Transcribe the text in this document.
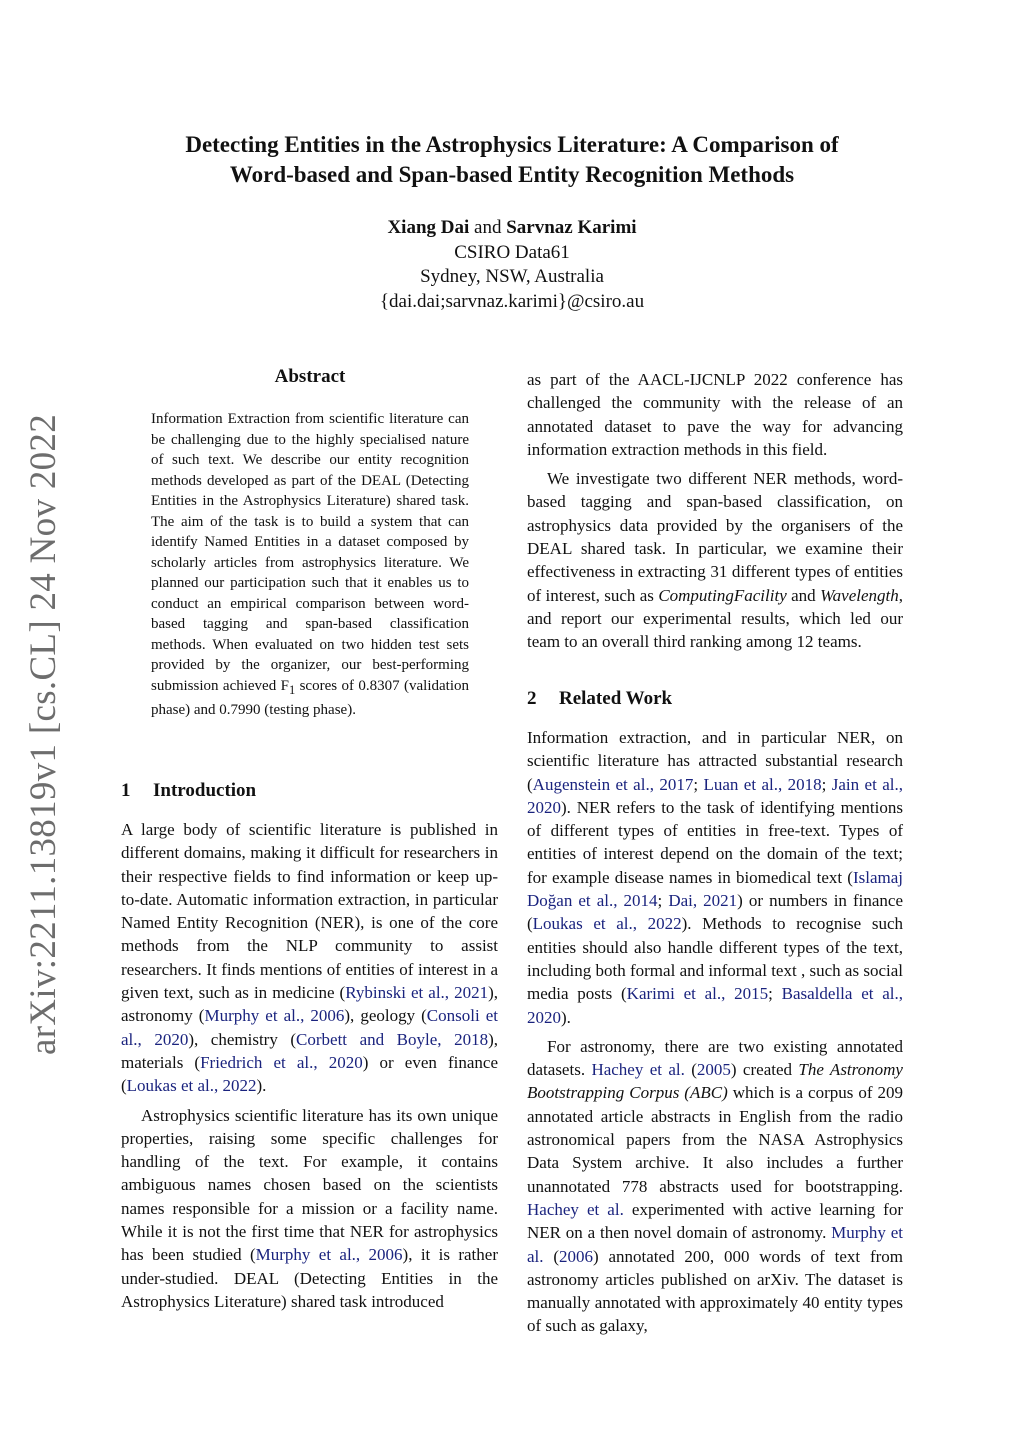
Detecting Entities in the Astrophysics Literature: A Comparison of
Word-based and Span-based Entity Recognition Methods
Xiang Dai and Sarvnaz Karimi
CSIRO Data61
Sydney, NSW, Australia
{dai.dai;sarvnaz.karimi}@csiro.au
arXiv:2211.13819v1 [cs.CL] 24 Nov 2022
Abstract
Information Extraction from scientific literature can be challenging due to the highly specialised nature of such text. We describe our entity recognition methods developed as part of the DEAL (Detecting Entities in the Astrophysics Literature) shared task. The aim of the task is to build a system that can identify Named Entities in a dataset composed by scholarly articles from astrophysics literature. We planned our participation such that it enables us to conduct an empirical comparison between word-based tagging and span-based classification methods. When evaluated on two hidden test sets provided by the organizer, our best-performing submission achieved $F_1$ scores of 0.8307 (validation phase) and 0.7990 (testing phase).
1 Introduction

A large body of scientific literature is published in different domains, making it difficult for researchers in their respective fields to find information or keep up-to-date. Automatic information extraction, in particular Named Entity Recognition (NER), is one of the core methods from the NLP community to assist researchers. It finds mentions of entities of interest in a given text, such as in medicine (Rybinski et al., 2021), astronomy (Murphy et al., 2006), geology (Consoli et al., 2020), chemistry (Corbett and Boyle, 2018), materials (Friedrich et al., 2020) or even finance (Loukas et al., 2022).

Astrophysics scientific literature has its own unique properties, raising some specific challenges for handling of the text. For example, it contains ambiguous names chosen based on the scientists names responsible for a mission or a facility name. While it is not the first time that NER for astrophysics has been studied (Murphy et al., 2006), it is rather under-studied. DEAL (Detecting Entities in the Astrophysics Literature) shared task introduced

as part of the AACL-IJCNLP 2022 conference has challenged the community with the release of an annotated dataset to pave the way for advancing information extraction methods in this field.

We investigate two different NER methods, word-based tagging and span-based classification, on astrophysics data provided by the organisers of the DEAL shared task. In particular, we examine their effectiveness in extracting 31 different types of entities of interest, such as ComputingFacility and Wavelength, and report our experimental results, which led our team to an overall third ranking among 12 teams.

2 Related Work

Information extraction, and in particular NER, on scientific literature has attracted substantial research (Augenstein et al., 2017; Luan et al., 2018; Jain et al., 2020). NER refers to the task of identifying mentions of different types of entities in free-text. Types of entities of interest depend on the domain of the text; for example disease names in biomedical text (Islamaj Doğan et al., 2014; Dai, 2021) or numbers in finance (Loukas et al., 2022). Methods to recognise such entities should also handle different types of the text, including both formal and informal text , such as social media posts (Karimi et al., 2015; Basaldella et al., 2020).

For astronomy, there are two existing annotated datasets. Hachey et al. (2005) created The Astronomy Bootstrapping Corpus (ABC) which is a corpus of 209 annotated article abstracts in English from the radio astronomical papers from the NASA Astrophysics Data System archive. It also includes a further unannotated 778 abstracts used for bootstrapping. Hachey et al. experimented with active learning for NER on a then novel domain of astronomy. Murphy et al. (2006) annotated 200, 000 words of text from astronomy articles published on arXiv. The dataset is manually annotated with approximately 40 entity types of such as galaxy,
